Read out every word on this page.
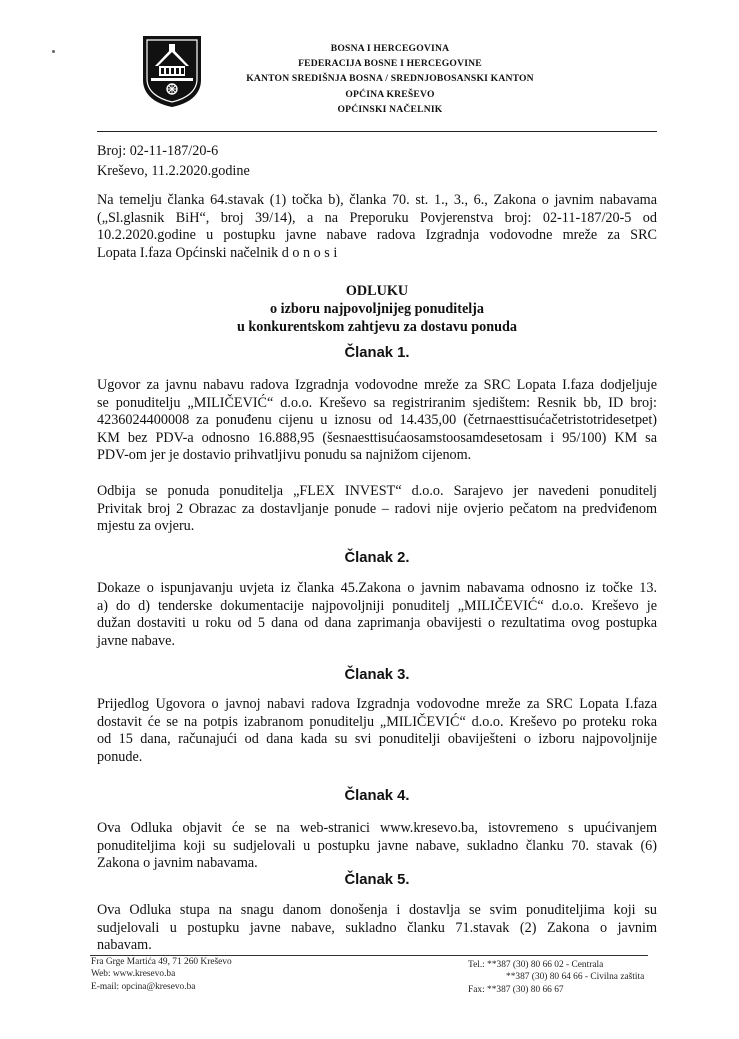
BOSNA I HERCEGOVINA
FEDERACIJA BOSNE I HERCEGOVINE
KANTON SREDIŠNJA BOSNA / SREDNJOBOSANSKI KANTON
OPĆINA KREŠEVO
OPĆINSKI NAČELNIK
Broj: 02-11-187/20-6
Kreševo, 11.2.2020.godine
Na temelju članka 64.stavak (1) točka b), članka 70. st. 1., 3., 6., Zakona o javnim nabavama
(„Sl.glasnik BiH“, broj 39/14), a na Preporuku Povjerenstva broj: 02-11-187/20-5 od
10.2.2020.godine u postupku javne nabave radova Izgradnja vodovodne mreže za SRC
Lopata I.faza Općinski načelnik d o n o s i
ODLUKU
o izboru najpovoljnijeg ponuditelja
u konkurentskom zahtjevu za dostavu ponuda
Članak 1.
Ugovor za javnu nabavu radova Izgradnja vodovodne mreže za SRC Lopata I.faza dodjeljuje
se ponuditelju „MILIČEVIĆ“ d.o.o. Kreševo sa registriranim sjedištem: Resnik bb, ID broj:
4236024400008 za ponuđenu cijenu u iznosu od 14.435,00 (četrnaesttisućačetristotridesetpet)
KM bez PDV-a odnosno 16.888,95 (šesnaesttisućaosamstoosamdesetosam i 95/100) KM sa
PDV-om jer je dostavio prihvatljivu ponudu sa najnižom cijenom.
Odbija se ponuda ponuditelja „FLEX INVEST“ d.o.o. Sarajevo jer navedeni ponuditelj
Privitak broj 2 Obrazac za dostavljanje ponude – radovi nije ovjerio pečatom na predviđenom
mjestu za ovjeru.
Članak 2.
Dokaze o ispunjavanju uvjeta iz članka 45.Zakona o javnim nabavama odnosno iz točke 13.
a) do d) tenderske dokumentacije najpovoljniji ponuditelj „MILIČEVIĆ“ d.o.o. Kreševo je
dužan dostaviti u roku od 5 dana od dana zaprimanja obavijesti o rezultatima ovog postupka
javne nabave.
Članak 3.
Prijedlog Ugovora o javnoj nabavi radova Izgradnja vodovodne mreže za SRC Lopata I.faza
dostavit će se na potpis izabranom ponuditelju „MILIČEVIĆ“ d.o.o. Kreševo po proteku roka
od 15 dana, računajući od dana kada su svi ponuditelji obaviješteni o izboru najpovoljnije
ponude.
Članak 4.
Ova Odluka objavit će se na web-stranici www.kresevo.ba, istovremeno s upućivanjem
ponuditeljima koji su sudjelovali u postupku javne nabave, sukladno članku 70. stavak (6)
Zakona o javnim nabavama.
Članak 5.
Ova Odluka stupa na snagu danom donošenja i dostavlja se svim ponuditeljima koji su
sudjelovali u postupku javne nabave, sukladno članku 71.stavak (2) Zakona o javnim
nabavam.
Fra Grge Martića 49, 71 260 Kreševo
Web: www.kresevo.ba
E-mail: opcina@kresevo.ba
Tel.: **387 (30) 80 66 02 - Centrala
**387 (30) 80 64 66 - Civilna zaštita
Fax: **387 (30) 80 66 67
